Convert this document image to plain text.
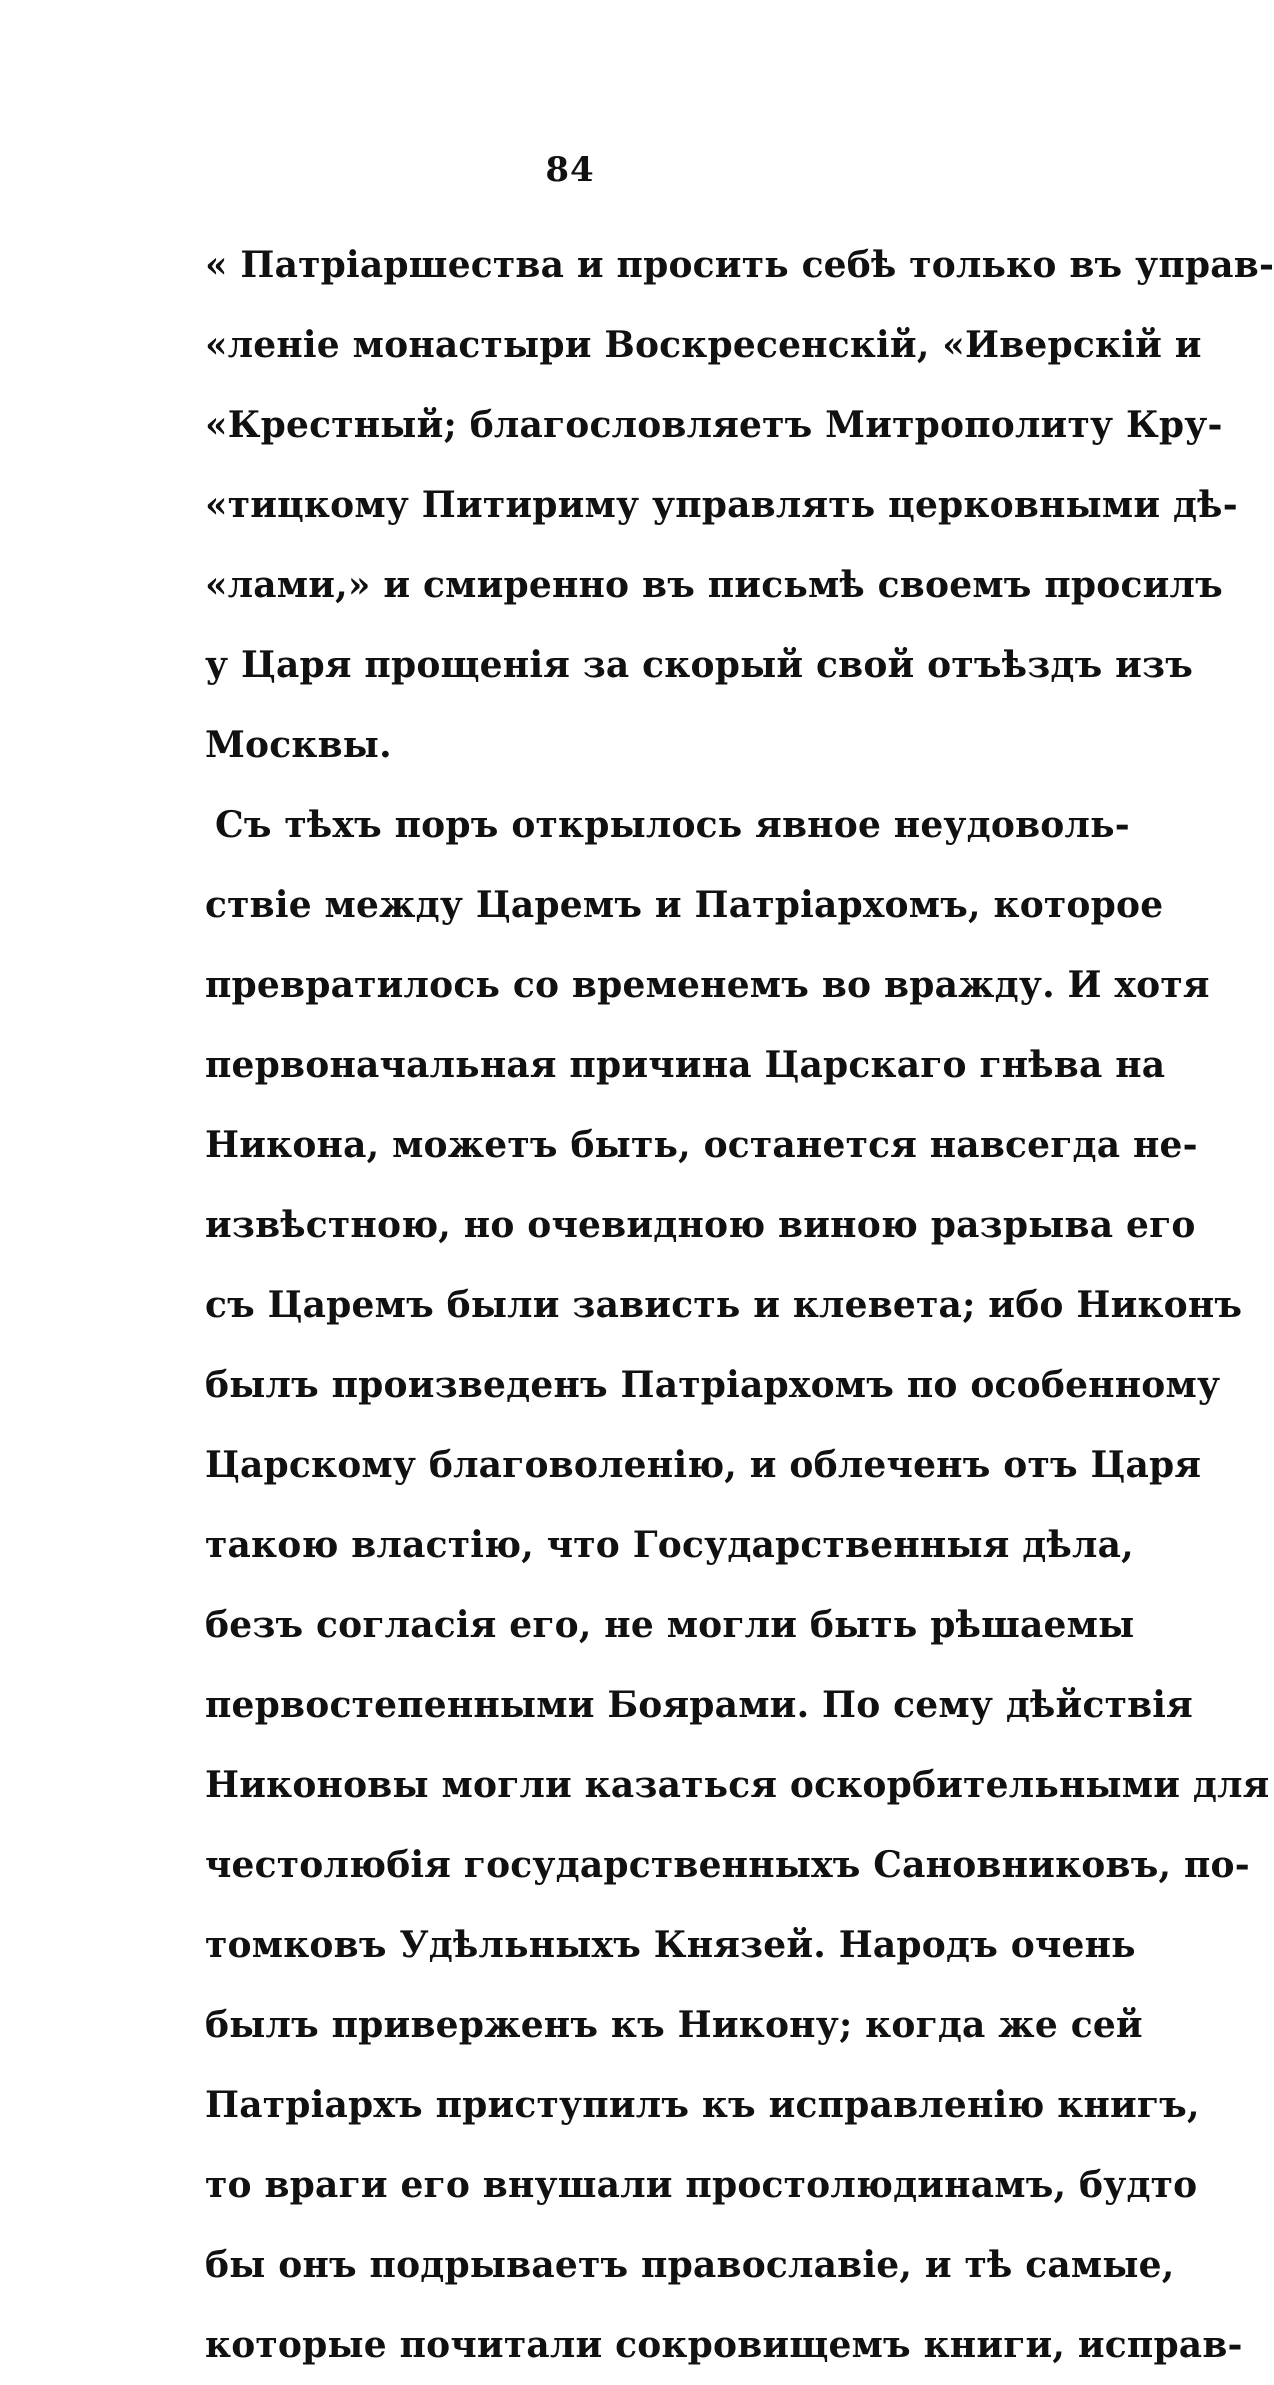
84
« Патріаршества и просить себѣ только въ управ-
«леніе монастыри Воскресенскій, «Иверскій и
«Крестный; благословляетъ Митрополиту Кру-
«тицкому Питириму управлять церковными дѣ-
«лами,» и смиренно въ письмѣ своемъ просилъ
у Царя прощенія за скорый свой отъѣздъ изъ
Москвы.
Съ тѣхъ поръ открылось явное неудоволь-
ствіе между Царемъ и Патріархомъ, которое
превратилось со временемъ во вражду. И хотя
первоначальная причина Царскаго гнѣва на
Никона, можетъ быть, останется навсегда не-
извѣстною, но очевидною виною разрыва его
съ Царемъ были зависть и клевета; ибо Никонъ
былъ произведенъ Патріархомъ по особенному
Царскому благоволенію, и облеченъ отъ Царя
такою властію, что Государственныя дѣла,
безъ согласія его, не могли быть рѣшаемы
первостепенными Боярами. По сему дѣйствія
Никоновы могли казаться оскорбительными для
честолюбія государственныхъ Сановниковъ, по-
томковъ Удѣльныхъ Князей. Народъ очень
былъ приверженъ къ Никону; когда же сей
Патріархъ приступилъ къ исправленію книгъ,
то враги его внушали простолюдинамъ, будто
бы онъ подрываетъ православіе, и тѣ самые,
которые почитали сокровищемъ книги, исправ-
